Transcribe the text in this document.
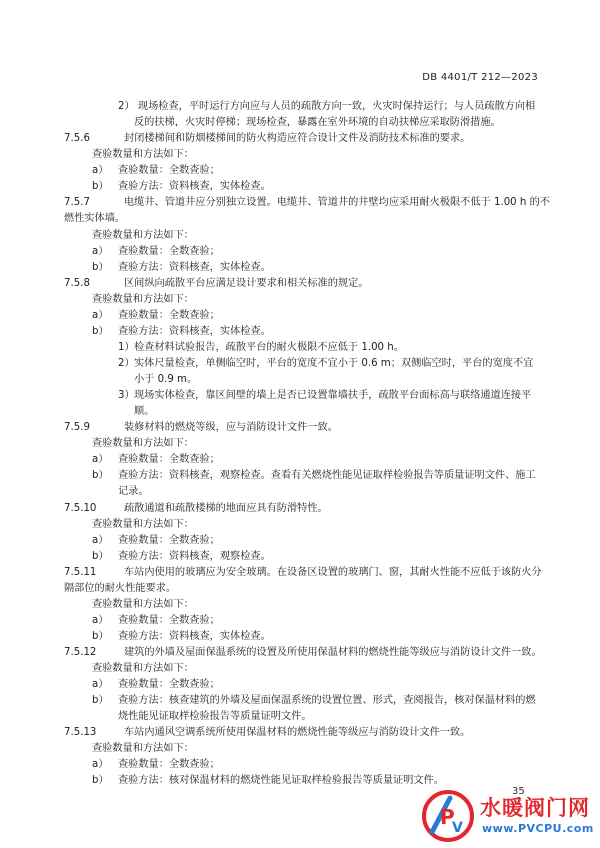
DB 4401/T 212—2023
2） 现场检查，平时运行方向应与人员的疏散方向一致，火灾时保持运行；与人员疏散方向相
反的扶梯，火灾时停梯；现场检查，暴露在室外环境的自动扶梯应采取防滑措施。
7.5.6	封闭楼梯间和防烟楼梯间的防火构造应符合设计文件及消防技术标准的要求。
查验数量和方法如下：
a） 查验数量：全数查验；
b） 查验方法：资料核查，实体检查。
7.5.7	电缆井、管道井应分别独立设置。电缆井、管道井的井壁均应采用耐火极限不低于 1.00 h 的不
燃性实体墙。
查验数量和方法如下：
a） 查验数量：全数查验；
b） 查验方法：资料核查，实体检查。
7.5.8	区间纵向疏散平台应满足设计要求和相关标准的规定。
查验数量和方法如下：
a） 查验数量：全数查验；
b） 查验方法：资料核查，实体检查。
1）检查材料试验报告，疏散平台的耐火极限不应低于 1.00 h。
2）实体尺量检查，单侧临空时，平台的宽度不宜小于 0.6 m；双侧临空时，平台的宽度不宜
小于 0.9 m。
3）现场实体检查，靠区间壁的墙上是否已设置靠墙扶手，疏散平台面标高与联络通道连接平
顺。
7.5.9	装修材料的燃烧等级，应与消防设计文件一致。
查验数量和方法如下：
a） 查验数量：全数查验；
b） 查验方法：资料核查，观察检查。查看有关燃烧性能见证取样检验报告等质量证明文件、施工
记录。
7.5.10	疏散通道和疏散楼梯的地面应具有防滑特性。
查验数量和方法如下：
a） 查验数量：全数查验；
b） 查验方法：资料核查，观察检查。
7.5.11	车站内使用的玻璃应为安全玻璃。在设备区设置的玻璃门、窗，其耐火性能不应低于该防火分
隔部位的耐火性能要求。
查验数量和方法如下：
a） 查验数量：全数查验；
b） 查验方法：资料核查，实体检查。
7.5.12	建筑的外墙及屋面保温系统的设置及所使用保温材料的燃烧性能等级应与消防设计文件一致。
查验数量和方法如下：
a） 查验数量：全数查验；
b） 查验方法：核查建筑的外墙及屋面保温系统的设置位置、形式，查阅报告，核对保温材料的燃
烧性能见证取样检验报告等质量证明文件。
7.5.13	车站内通风空调系统所使用保温材料的燃烧性能等级应与消防设计文件一致。
查验数量和方法如下：
a） 查验数量：全数查验；
b） 查验方法：核对保温材料的燃烧性能见证取样检验报告等质量证明文件。
35
P
V
水暖阀门网
www.PVCPU.com
